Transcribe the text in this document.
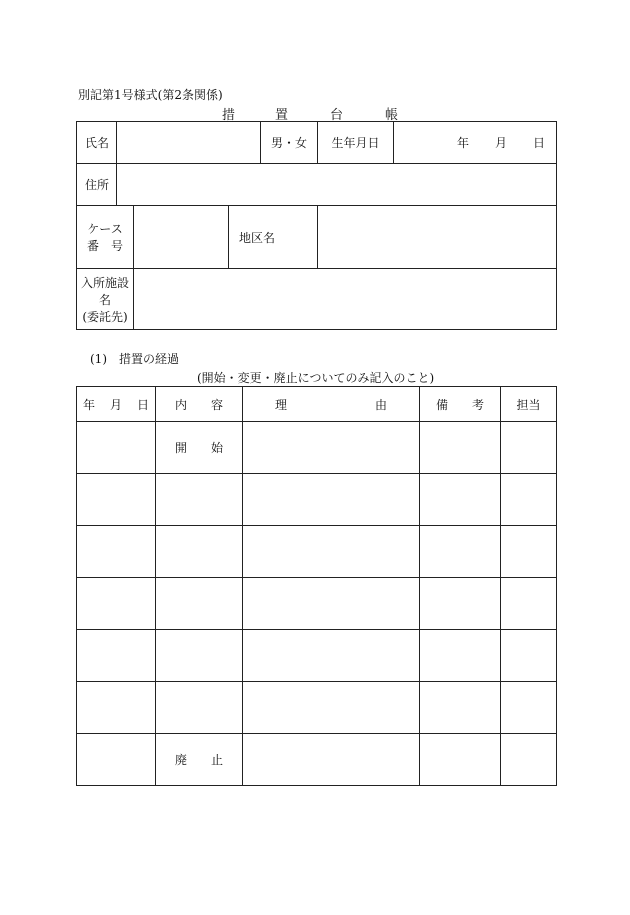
別記第1号様式(第2条関係)
措	置	台	帳
氏名				男・女	生年月日	年 月 日

住所						

ケース
番　号			地区名			

入所施設名
(委託先)						

(1)　措置の経過
(開始・変更・廃止についてのみ記入のこと)
年 月 日	内 容	理 由	備 考	担当

	開 始			

	廃 止			
